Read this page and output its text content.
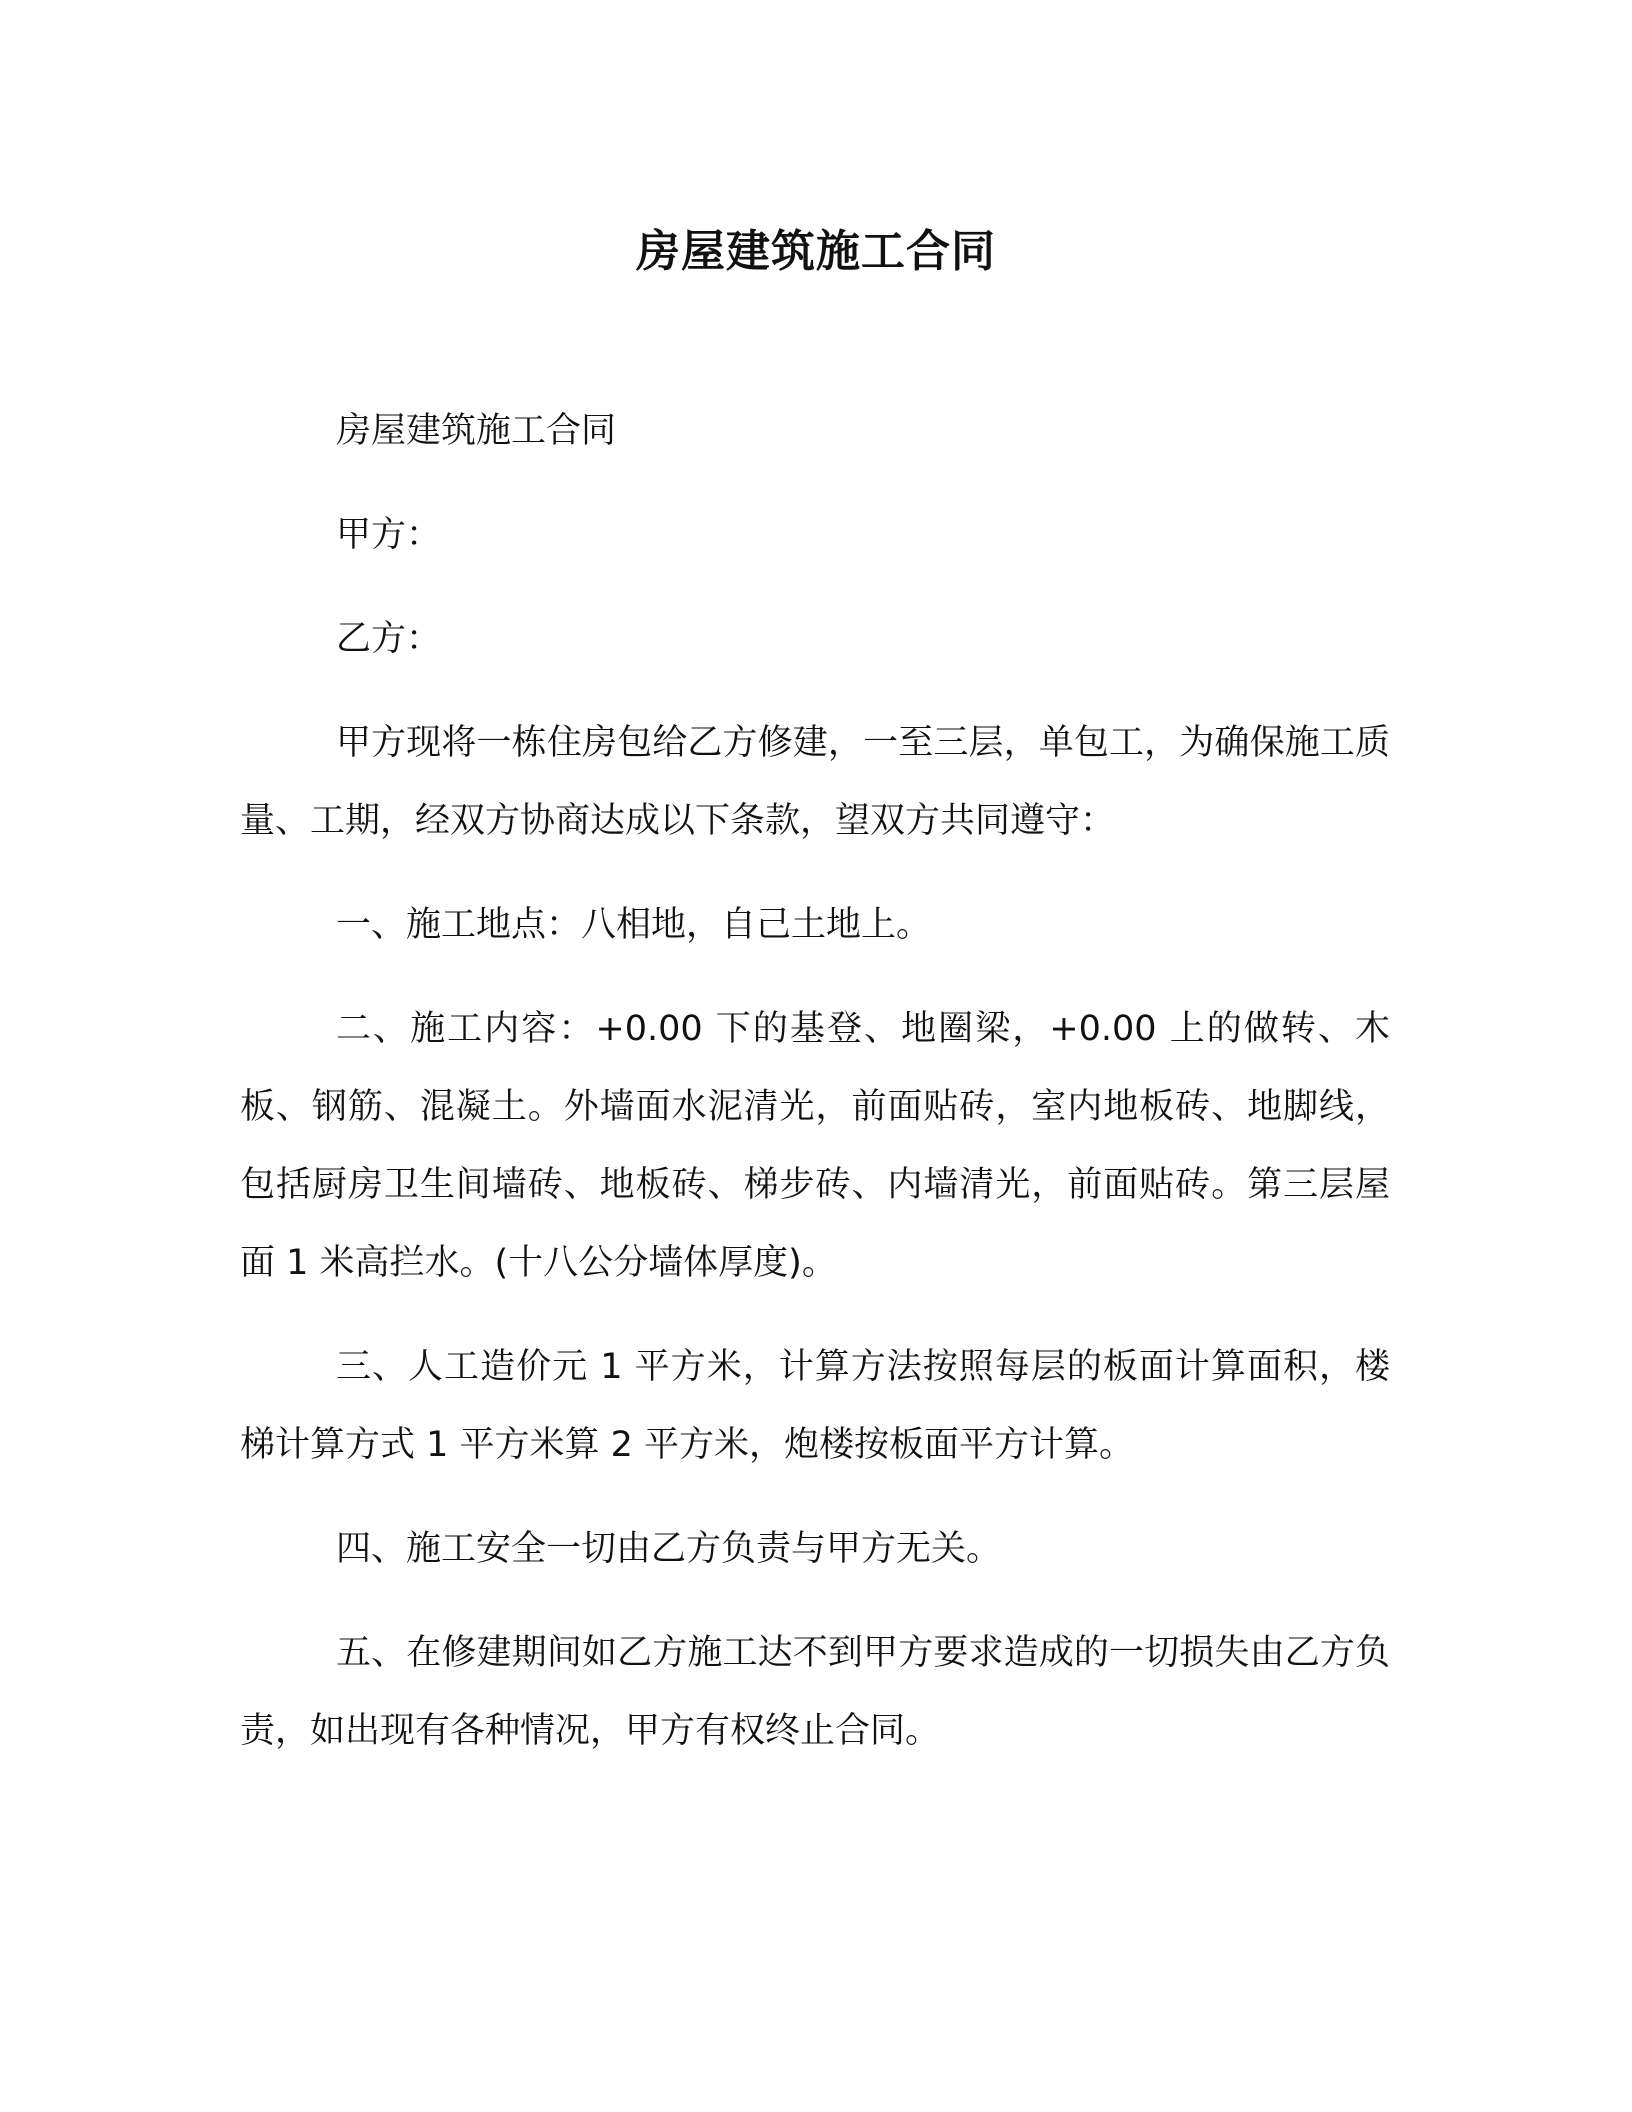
房屋建筑施工合同

房屋建筑施工合同

甲方：

乙方：

甲方现将一栋住房包给乙方修建，一至三层，单包工，为确保施工质量、工期，经双方协商达成以下条款，望双方共同遵守：

一、施工地点：八相地，自己土地上。

二、施工内容：+0.00 下的基登、地圈梁，+0.00 上的做转、木板、钢筋、混凝土。外墙面水泥清光，前面贴砖，室内地板砖、地脚线，包括厨房卫生间墙砖、地板砖、梯步砖、内墙清光，前面贴砖。第三层屋面 1 米高拦水。(十八公分墙体厚度)。

三、人工造价元 1 平方米，计算方法按照每层的板面计算面积，楼梯计算方式 1 平方米算 2 平方米，炮楼按板面平方计算。

四、施工安全一切由乙方负责与甲方无关。

五、在修建期间如乙方施工达不到甲方要求造成的一切损失由乙方负责，如出现有各种情况，甲方有权终止合同。
